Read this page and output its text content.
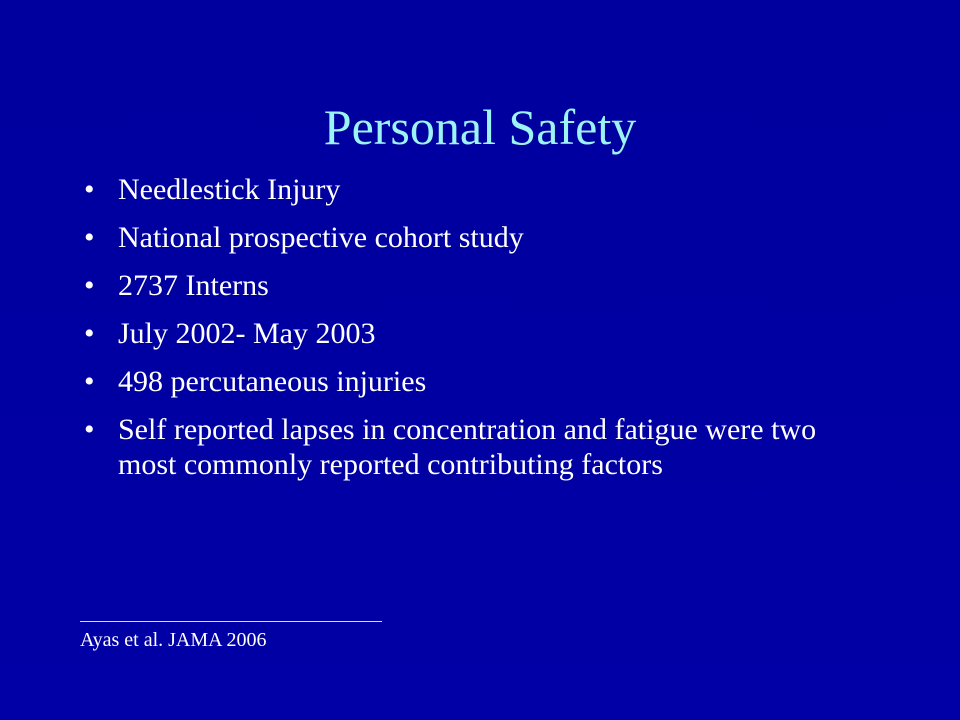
Personal Safety
• Needlestick Injury
• National prospective cohort study
• 2737 Interns
• July 2002- May 2003
• 498 percutaneous injuries
• Self reported lapses in concentration and fatigue were two most commonly reported contributing factors
Ayas et al. JAMA 2006
